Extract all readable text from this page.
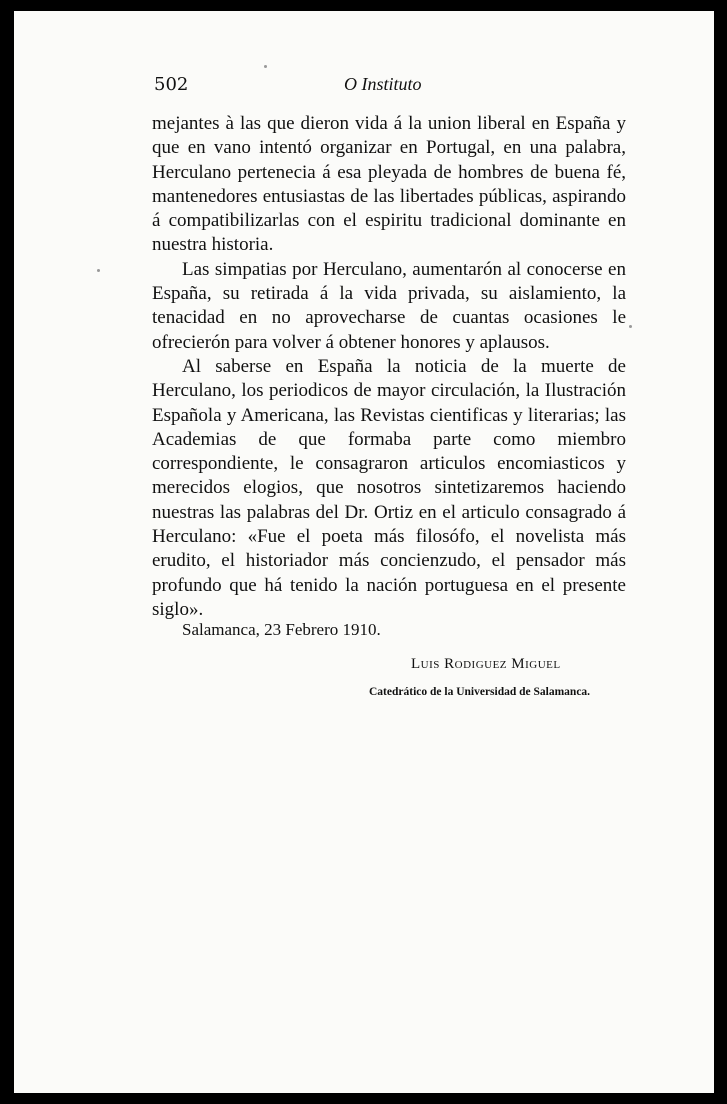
502	O Instituto

mejantes à las que dieron vida á la union liberal en España y que en vano intentó organizar en Portugal, en una palabra, Herculano pertenecia á esa pleyada de hombres de buena fé, mantenedores entusiastas de las libertades públicas, aspirando á compatibilizarlas con el espiritu tradicional dominante en nuestra historia.

Las simpatias por Herculano, aumentarón al conocerse en España, su retirada á la vida privada, su aislamiento, la tenacidad en no aprovecharse de cuantas ocasiones le ofrecierón para volver á obtener honores y aplausos.

Al saberse en España la noticia de la muerte de Herculano, los periodicos de mayor circulación, la Ilustración Española y Americana, las Revistas cientificas y literarias; las Academias de que formaba parte como miembro correspondiente, le consagraron articulos encomiasticos y merecidos elogios, que nosotros sintetizaremos haciendo nuestras las palabras del Dr. Ortiz en el articulo consagrado á Herculano: «Fue el poeta más filosófo, el novelista más erudito, el historiador más concienzudo, el pensador más profundo que há tenido la nación portuguesa en el presente siglo».

Salamanca, 23 Febrero 1910.
Luis Rodiguez Miguel
Catedrático de la Universidad de Salamanca.
